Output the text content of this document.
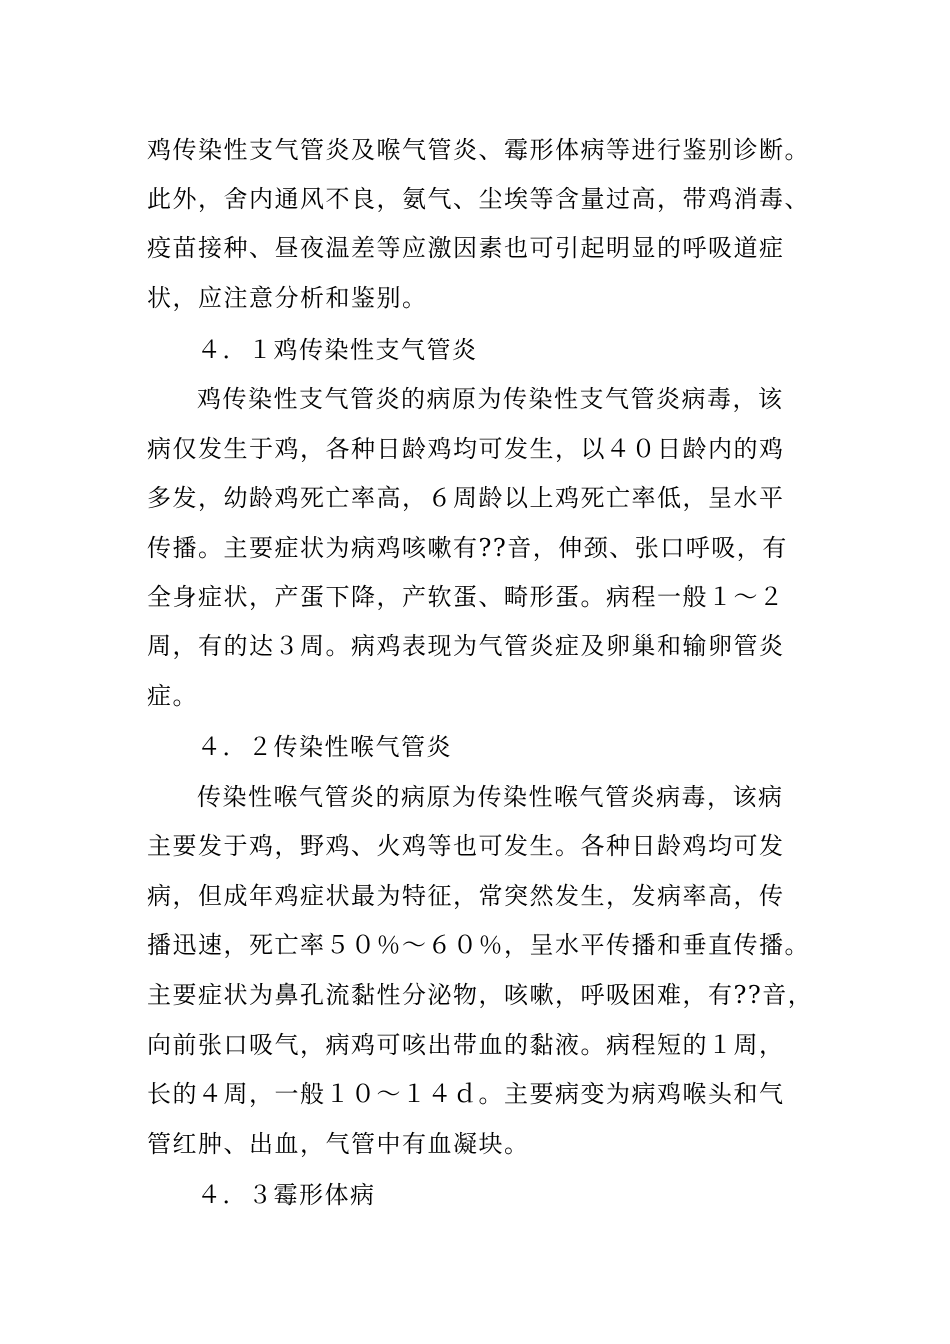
鸡传染性支气管炎及喉气管炎、霉形体病等进行鉴别诊断。
此外，舍内通风不良，氨气、尘埃等含量过高，带鸡消毒、
疫苗接种、昼夜温差等应激因素也可引起明显的呼吸道症
状，应注意分析和鉴别。
４．１鸡传染性支气管炎
鸡传染性支气管炎的病原为传染性支气管炎病毒，该
病仅发生于鸡，各种日龄鸡均可发生，以４０日龄内的鸡
多发，幼龄鸡死亡率高，６周龄以上鸡死亡率低，呈水平
传播。主要症状为病鸡咳嗽有??音，伸颈、张口呼吸，有
全身症状，产蛋下降，产软蛋、畸形蛋。病程一般１～２
周，有的达３周。病鸡表现为气管炎症及卵巢和输卵管炎
症。
４．２传染性喉气管炎
传染性喉气管炎的病原为传染性喉气管炎病毒，该病
主要发于鸡，野鸡、火鸡等也可发生。各种日龄鸡均可发
病，但成年鸡症状最为特征，常突然发生，发病率高，传
播迅速，死亡率５０％～６０％，呈水平传播和垂直传播。
主要症状为鼻孔流黏性分泌物，咳嗽，呼吸困难，有??音，
向前张口吸气，病鸡可咳出带血的黏液。病程短的１周，
长的４周，一般１０～１４ｄ。主要病变为病鸡喉头和气
管红肿、出血，气管中有血凝块。
４．３霉形体病
